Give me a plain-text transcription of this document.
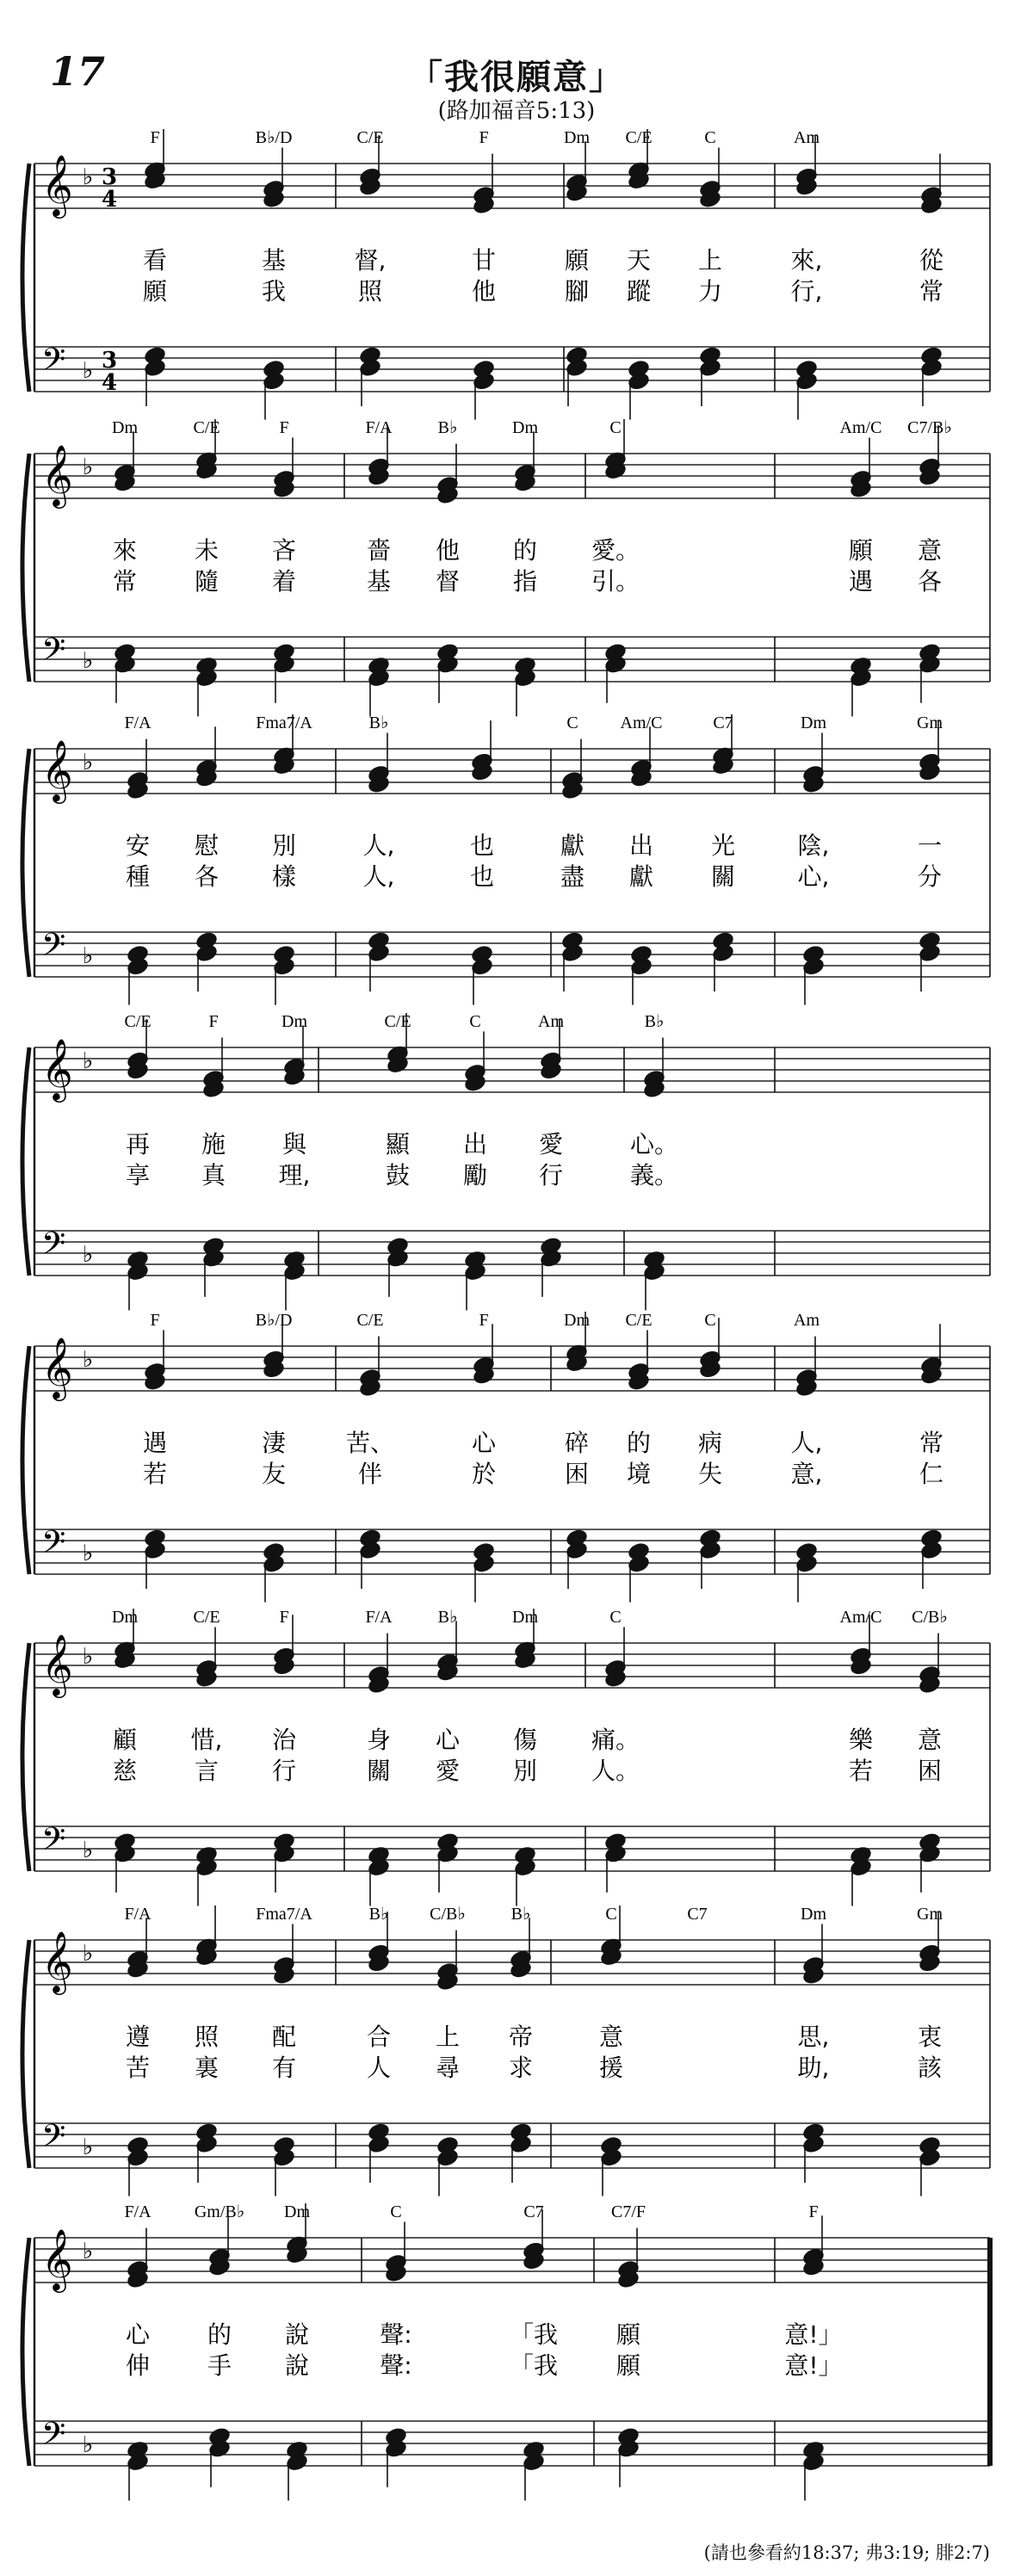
17	「我很願意」
(路加福音5:13)
𝄞
𝄢
♭
♭
3
4
3
4
F	B♭/D	C/E	F	Dm C/E	C	Am
看	基	督,	甘	願 天 上	來,	從
願	我	照	他	腳 蹤 力	行,	常
𝄞
𝄢
♭
♭
Dm	C/E	F	F/A	B♭	Dm	C	Am/C C7/B♭
來 未 吝	嗇 他 的 愛。	願 意
常 隨 着	基 督 指 引。	遇 各
𝄞
𝄢
♭
♭
F/A	Fma7/A	B♭	C Am/C	C7	Dm	Gm
安 慰 別	人,	也	獻 出 光	陰,	一
種 各 樣	人,	也	盡 獻 關	心,	分
𝄞
𝄢
♭
♭
C/E	F	Dm	C/E	C	Am	B♭
再 施 與	顯 出 愛	心。
享 真 理,	鼓 勵 行	義。
𝄞
𝄢
♭
♭
F	B♭/D	C/E	F	Dm C/E	C	Am
遇	淒 苦、	心	碎 的 病	人,	常
若	友	伴	於	困 境 失	意,	仁
𝄞
𝄢
♭
♭
Dm	C/E	F	F/A	B♭	Dm	C	Am/C C/B♭
顧 惜, 治	身 心 傷 痛。	樂 意
慈 言 行	關 愛 別 人。	若 困
𝄞
𝄢
♭
♭
F/A	Fma7/A	B♭ C/B♭	B♭	C	C7	Dm	Gm
遵 照 配	合 上 帝	意	思,	衷
苦 裏 有	人 尋 求	援	助,	該
𝄞
𝄢
♭
♭
F/A	Gm/B♭ Dm	C	C7	C7/F	F
心 的 說	聲:	「我 願	意!」
伸 手 說	聲:	「我 願	意!」
(請也參看約18:37; 弗3:19; 腓2:7)
